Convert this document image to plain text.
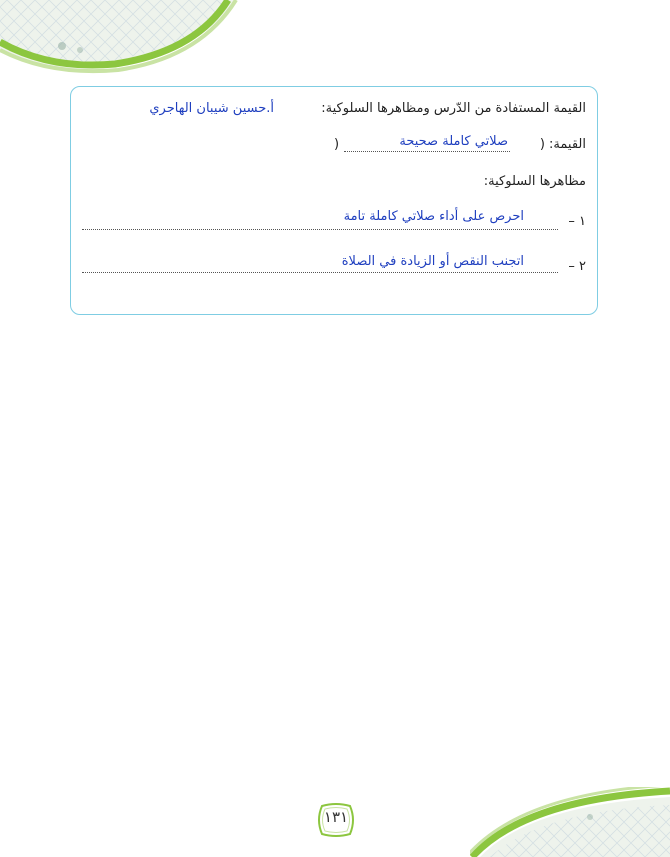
القيمة المستفادة من الدّرس ومظاهرها السلوكية:
أ.حسين شيبان الهاجري
القيمة: (
صلاتي كاملة صحيحة
)
مظاهرها السلوكية:
١ –
احرص على أداء صلاتي كاملة تامة
٢ –
اتجنب النقص أو الزيادة في الصلاة
١٣١
